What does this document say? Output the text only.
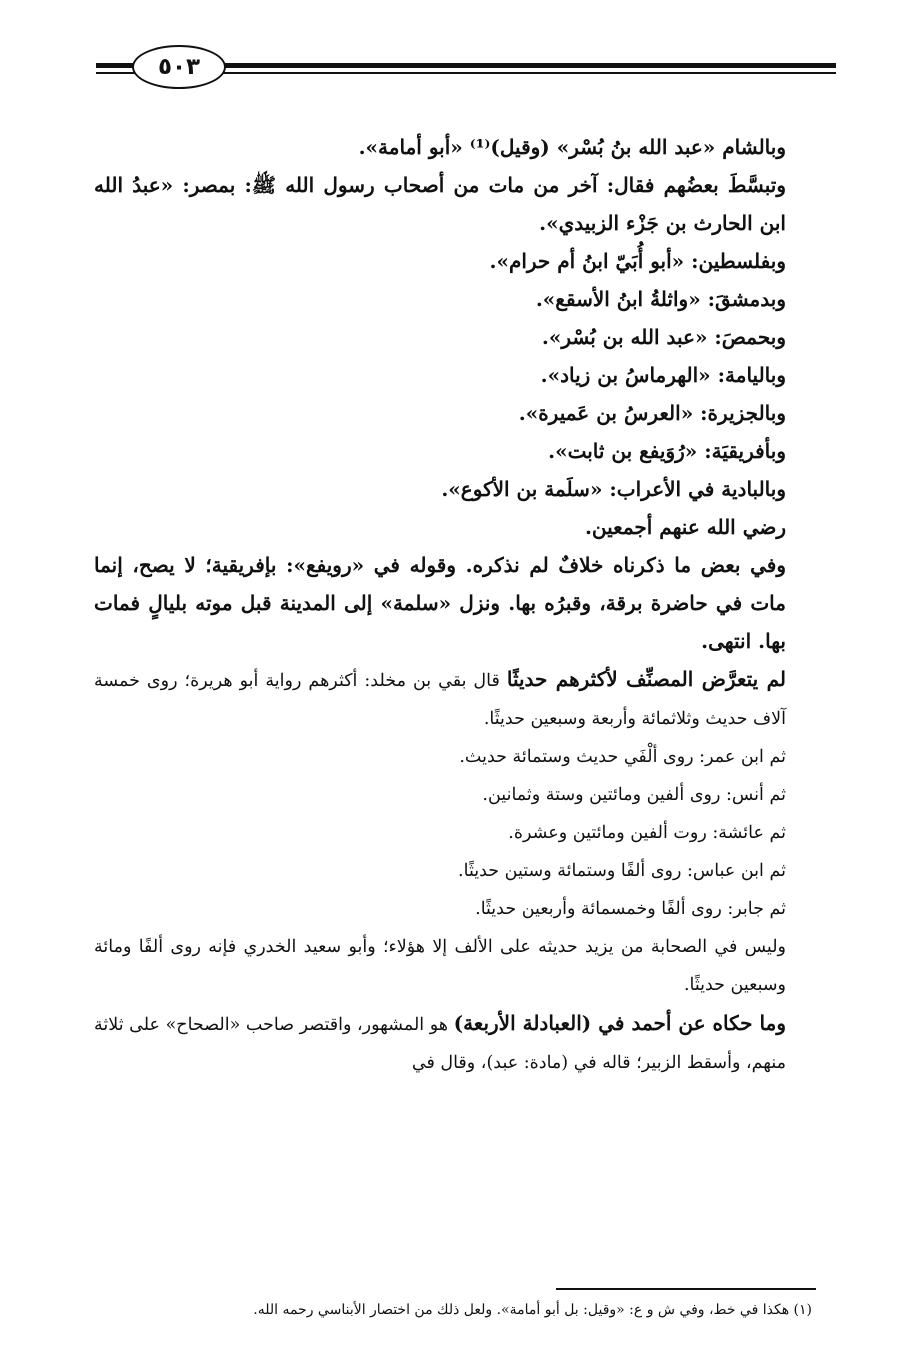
٥٠٣

وبالشام «عبد الله بنُ بُسْر» (وقيل)⁽¹⁾ «أبو أمامة».

وتبسَّطَ بعضُهم فقال: آخر من مات من أصحاب رسول الله ﷺ: بمصر: «عبدُ الله ابن الحارث بن جَزْء الزبيدي».

وبفلسطين: «أبو أُبَيّ ابنُ أم حرام».

وبدمشقَ: «واثلةُ ابنُ الأسقع».

وبحمصَ: «عبد الله بن بُسْر».

وباليامة: «الهرماسُ بن زياد».

وبالجزيرة: «العرسُ بن عَميرة».

وبأفريقيَة: «رُوَيفع بن ثابت».

وبالبادية في الأعراب: «سلَمة بن الأكوع».

رضي الله عنهم أجمعين.

وفي بعض ما ذكرناه خلافٌ لم نذكره. وقوله في «رويفع»: بإفريقية؛ لا يصح، إنما مات في حاضرة برقة، وقبرُه بها. ونزل «سلمة» إلى المدينة قبل موته بليالٍ فمات بها. انتهى.

لم يتعرَّض المصنِّف لأكثرهم حديثًا قال بقي بن مخلد: أكثرهم رواية أبو هريرة؛ روى خمسة آلاف حديث وثلاثمائة وأربعة وسبعين حديثًا.

ثم ابن عمر: روى ألْفَي حديث وستمائة حديث.

ثم أنس: روى ألفين ومائتين وستة وثمانين.

ثم عائشة: روت ألفين ومائتين وعشرة.

ثم ابن عباس: روى ألفًا وستمائة وستين حديثًا.

ثم جابر: روى ألفًا وخمسمائة وأربعين حديثًا.

وليس في الصحابة من يزيد حديثه على الألف إلا هؤلاء؛ وأبو سعيد الخدري فإنه روى ألفًا ومائة وسبعين حديثًا.

وما حكاه عن أحمد في (العبادلة الأربعة) هو المشهور، واقتصر صاحب «الصحاح» على ثلاثة منهم، وأسقط الزبير؛ قاله في (مادة: عبد)، وقال في

(١) هكذا في خط، وفي ش و ع: «وقيل: بل أبو أمامة». ولعل ذلك من اختصار الأبناسي رحمه الله.
